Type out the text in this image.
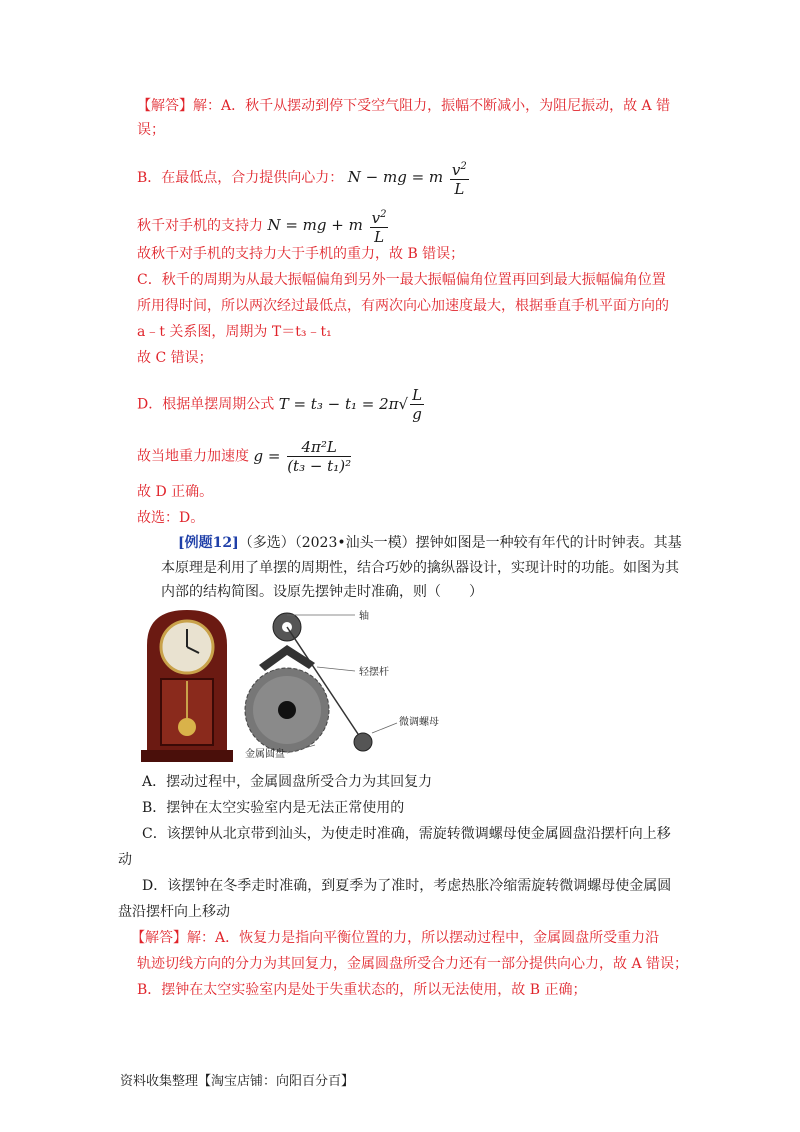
【解答】解：A．秋千从摆动到停下受空气阻力，振幅不断减小，为阻尼振动，故 A 错
误；
B．在最低点，合力提供向心力： N − mg = m $\frac{v^2}{L}$
秋千对手机的支持力 N = mg + m $\frac{v^2}{L}$
故秋千对手机的支持力大于手机的重力，故 B 错误；
C．秋千的周期为从最大振幅偏角到另外一最大振幅偏角位置再回到最大振幅偏角位置
所用得时间，所以两次经过最低点，有两次向心加速度最大，根据垂直手机平面方向的
a﹣t 关系图，周期为 T＝t₃﹣t₁
故 C 错误；
D．根据单摆周期公式 $T = t_3 - t_1 = 2\pi√ \frac{L}{g}$
故当地重力加速度 $g = \frac{\text{4π²L}}{\text{(t₃ − t₁)²}}$
故 D 正确。
故选：D。
[例题12]（多选）（2023•汕头一模）摆钟如图是一种较有年代的计时钟表。其基
本原理是利用了单摆的周期性，结合巧妙的擒纵器设计，实现计时的功能。如图为其
内部的结构简图。设原先摆钟走时准确，则（　　）
轴
轻摆杆
微调螺母
金属圆盘
A．摆动过程中，金属圆盘所受合力为其回复力
B．摆钟在太空实验室内是无法正常使用的
C．该摆钟从北京带到汕头，为使走时准确，需旋转微调螺母使金属圆盘沿摆杆向上移
动
D．该摆钟在冬季走时准确，到夏季为了准时，考虑热胀冷缩需旋转微调螺母使金属圆
盘沿摆杆向上移动
【解答】解：A．恢复力是指向平衡位置的力，所以摆动过程中，金属圆盘所受重力沿
轨迹切线方向的分力为其回复力，金属圆盘所受合力还有一部分提供向心力，故 A 错误；
B．摆钟在太空实验室内是处于失重状态的，所以无法使用，故 B 正确；
资料收集整理【淘宝店铺：向阳百分百】
